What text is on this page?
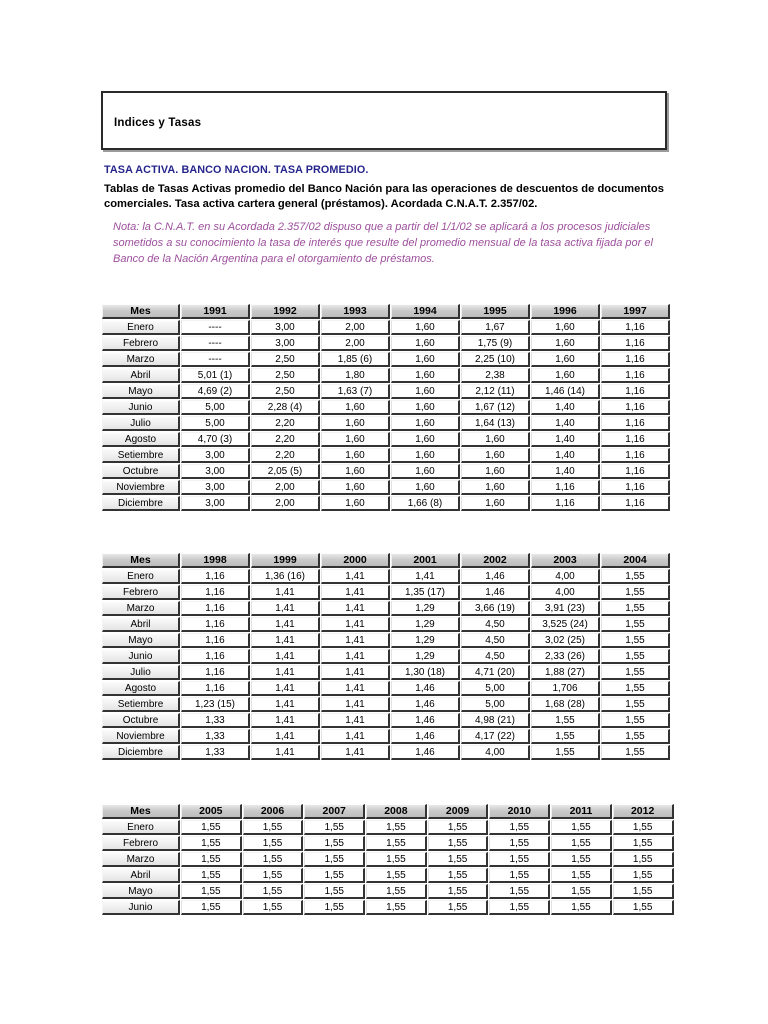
Indices y Tasas
TASA ACTIVA. BANCO NACION. TASA PROMEDIO.
Tablas de Tasas Activas promedio del Banco Nación para las operaciones de descuentos de documentos comerciales. Tasa activa cartera general (préstamos). Acordada C.N.A.T. 2.357/02.
Nota: la C.N.A.T. en su Acordada 2.357/02 dispuso que a partir del 1/1/02 se aplicará a los procesos judiciales sometidos a su conocimiento la tasa de interés que resulte del promedio mensual de la tasa activa fijada por el Banco de la Nación Argentina para el otorgamiento de préstamos.
Mes	1991	1992	1993	1994	1995	1996	1997
Enero	----	3,00	2,00	1,60	1,67	1,60	1,16
Febrero	----	3,00	2,00	1,60	1,75 (9)	1,60	1,16
Marzo	----	2,50	1,85 (6)	1,60	2,25 (10)	1,60	1,16
Abril	5,01 (1)	2,50	1,80	1,60	2,38	1,60	1,16
Mayo	4,69 (2)	2,50	1,63 (7)	1,60	2,12 (11)	1,46 (14)	1,16
Junio	5,00	2,28 (4)	1,60	1,60	1,67 (12)	1,40	1,16
Julio	5,00	2,20	1,60	1,60	1,64 (13)	1,40	1,16
Agosto	4,70 (3)	2,20	1,60	1,60	1,60	1,40	1,16
Setiembre	3,00	2,20	1,60	1,60	1,60	1,40	1,16
Octubre	3,00	2,05 (5)	1,60	1,60	1,60	1,40	1,16
Noviembre	3,00	2,00	1,60	1,60	1,60	1,16	1,16
Diciembre	3,00	2,00	1,60	1,66 (8)	1,60	1,16	1,16
Mes	1998	1999	2000	2001	2002	2003	2004
Enero	1,16	1,36 (16)	1,41	1,41	1,46	4,00	1,55
Febrero	1,16	1,41	1,41	1,35 (17)	1,46	4,00	1,55
Marzo	1,16	1,41	1,41	1,29	3,66 (19)	3,91 (23)	1,55
Abril	1,16	1,41	1,41	1,29	4,50	3,525 (24)	1,55
Mayo	1,16	1,41	1,41	1,29	4,50	3,02 (25)	1,55
Junio	1,16	1,41	1,41	1,29	4,50	2,33 (26)	1,55
Julio	1,16	1,41	1,41	1,30 (18)	4,71 (20)	1,88 (27)	1,55
Agosto	1,16	1,41	1,41	1,46	5,00	1,706	1,55
Setiembre	1,23 (15)	1,41	1,41	1,46	5,00	1,68 (28)	1,55
Octubre	1,33	1,41	1,41	1,46	4,98 (21)	1,55	1,55
Noviembre	1,33	1,41	1,41	1,46	4,17 (22)	1,55	1,55
Diciembre	1,33	1,41	1,41	1,46	4,00	1,55	1,55
Mes	2005	2006	2007	2008	2009	2010	2011	2012
Enero	1,55	1,55	1,55	1,55	1,55	1,55	1,55	1,55
Febrero	1,55	1,55	1,55	1,55	1,55	1,55	1,55	1,55
Marzo	1,55	1,55	1,55	1,55	1,55	1,55	1,55	1,55
Abril	1,55	1,55	1,55	1,55	1,55	1,55	1,55	1,55
Mayo	1,55	1,55	1,55	1,55	1,55	1,55	1,55	1,55
Junio	1,55	1,55	1,55	1,55	1,55	1,55	1,55	1,55
